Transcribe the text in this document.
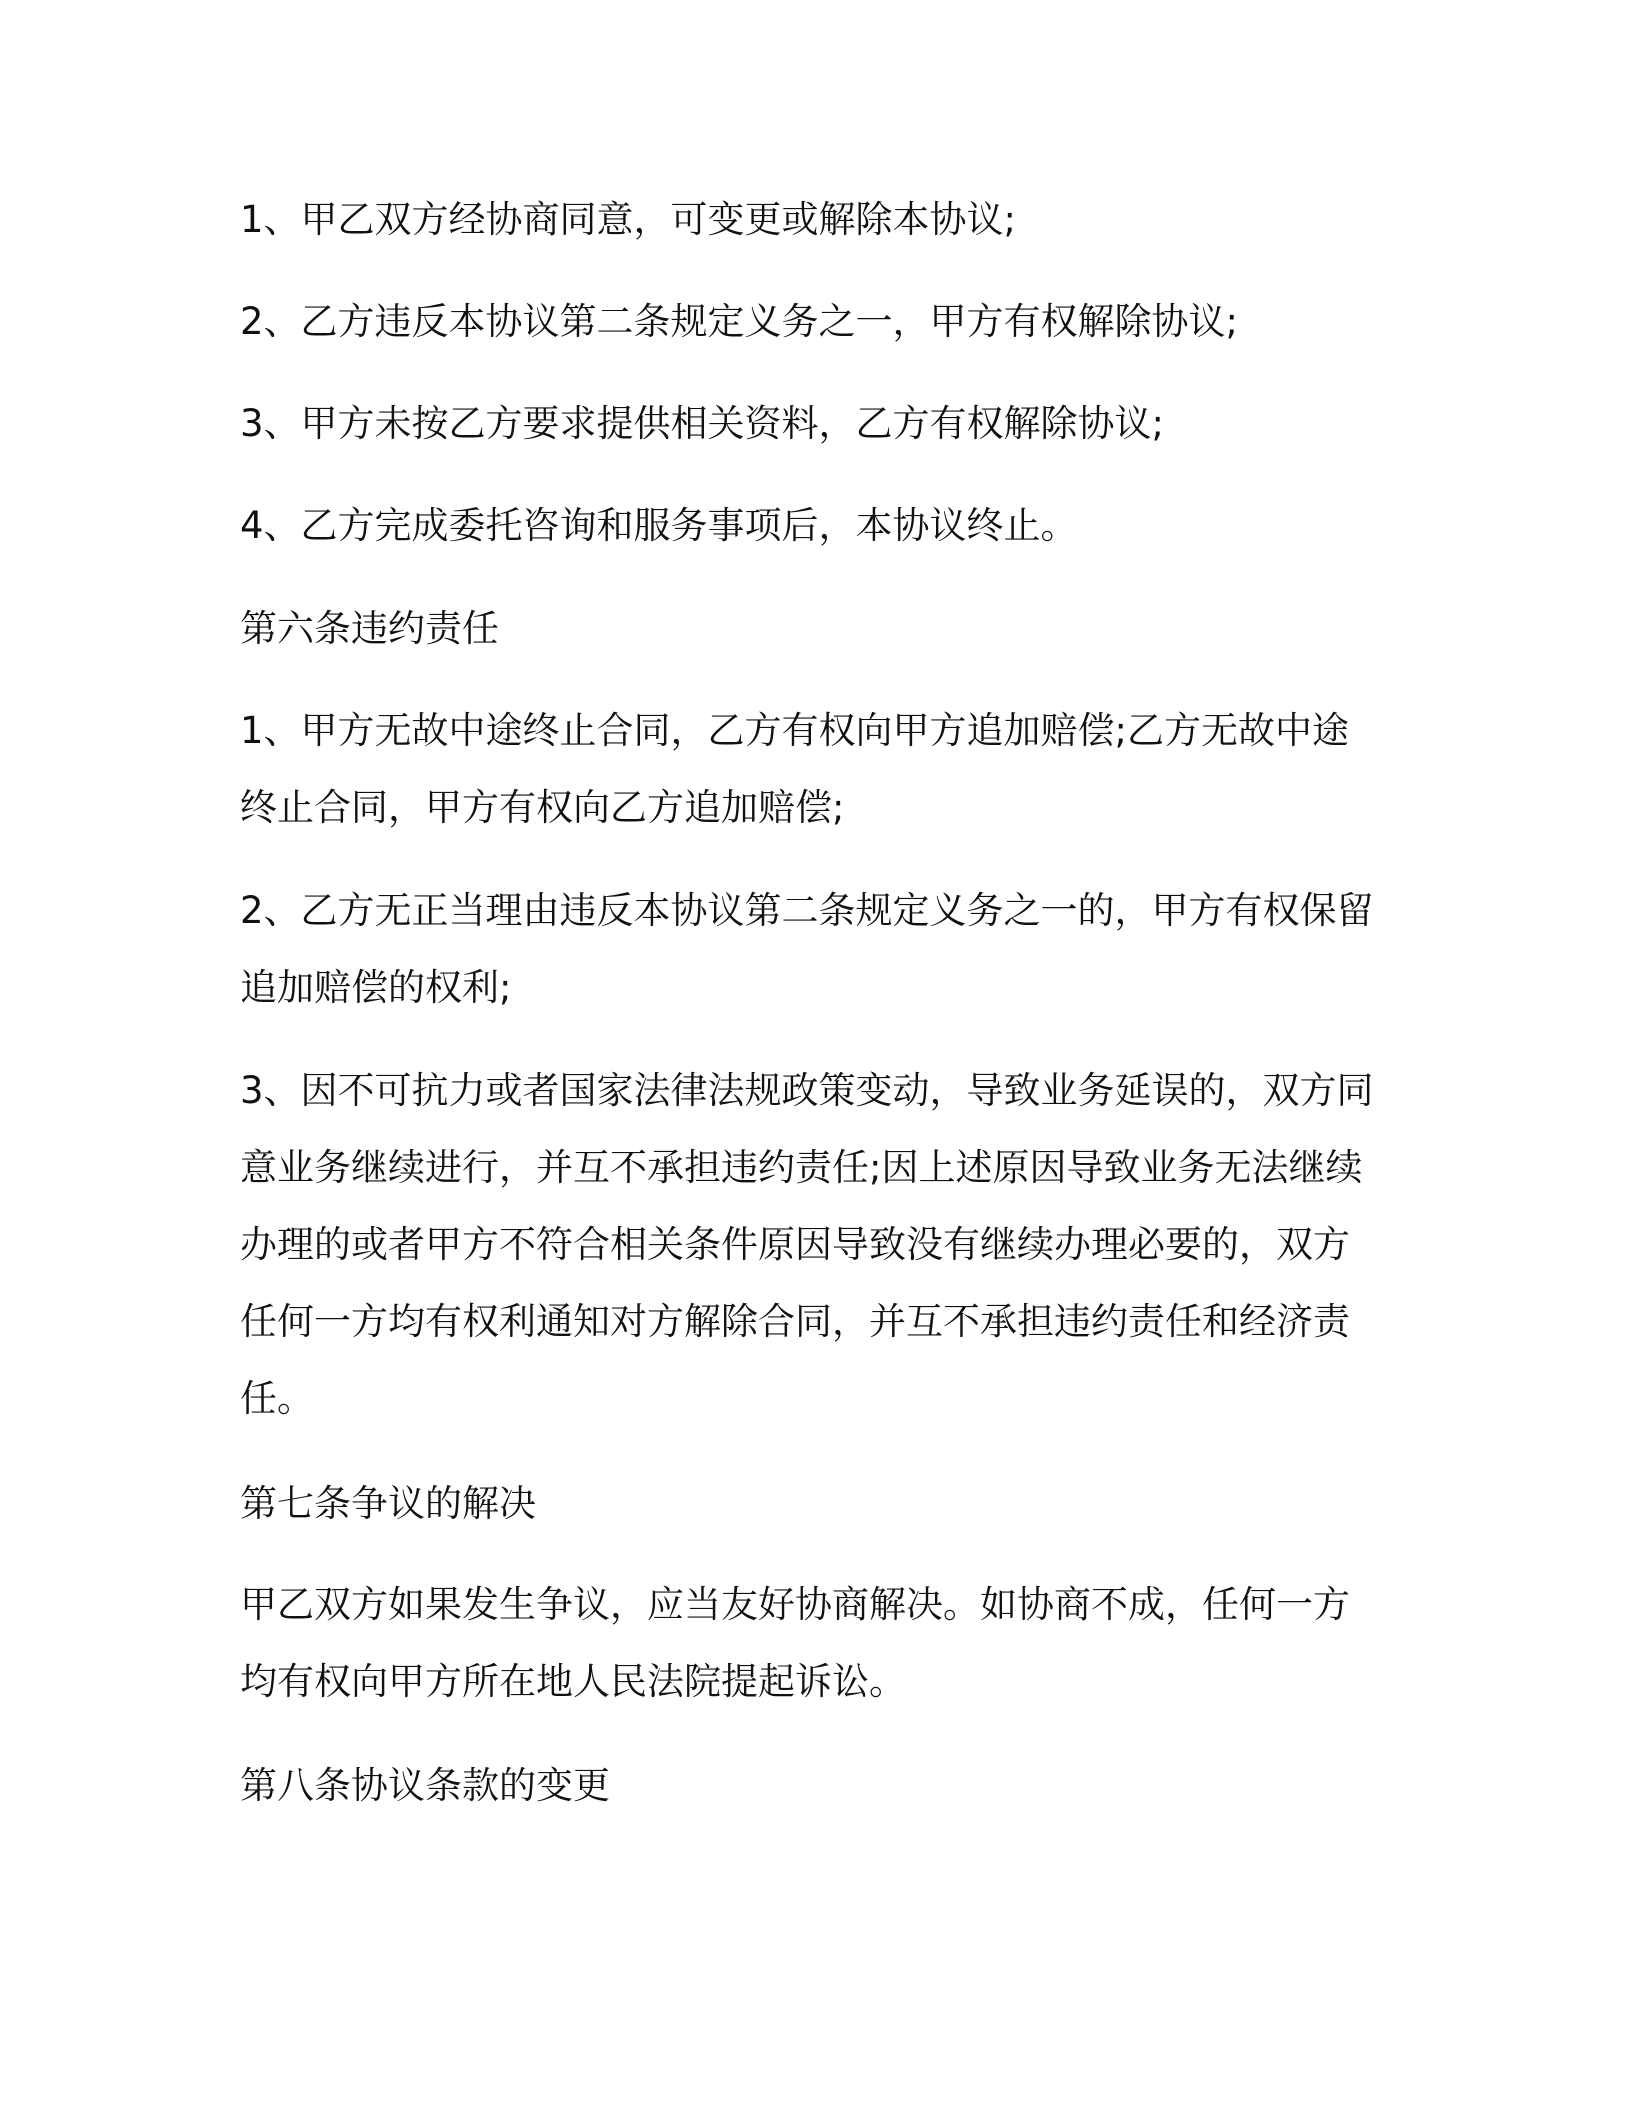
1、甲乙双方经协商同意，可变更或解除本协议;

2、乙方违反本协议第二条规定义务之一，甲方有权解除协议;

3、甲方未按乙方要求提供相关资料，乙方有权解除协议;

4、乙方完成委托咨询和服务事项后，本协议终止。

第六条违约责任

1、甲方无故中途终止合同，乙方有权向甲方追加赔偿;乙方无故中途
终止合同，甲方有权向乙方追加赔偿;

2、乙方无正当理由违反本协议第二条规定义务之一的，甲方有权保留
追加赔偿的权利;

3、因不可抗力或者国家法律法规政策变动，导致业务延误的，双方同
意业务继续进行，并互不承担违约责任;因上述原因导致业务无法继续
办理的或者甲方不符合相关条件原因导致没有继续办理必要的，双方
任何一方均有权利通知对方解除合同，并互不承担违约责任和经济责
任。

第七条争议的解决

甲乙双方如果发生争议，应当友好协商解决。如协商不成，任何一方
均有权向甲方所在地人民法院提起诉讼。

第八条协议条款的变更
